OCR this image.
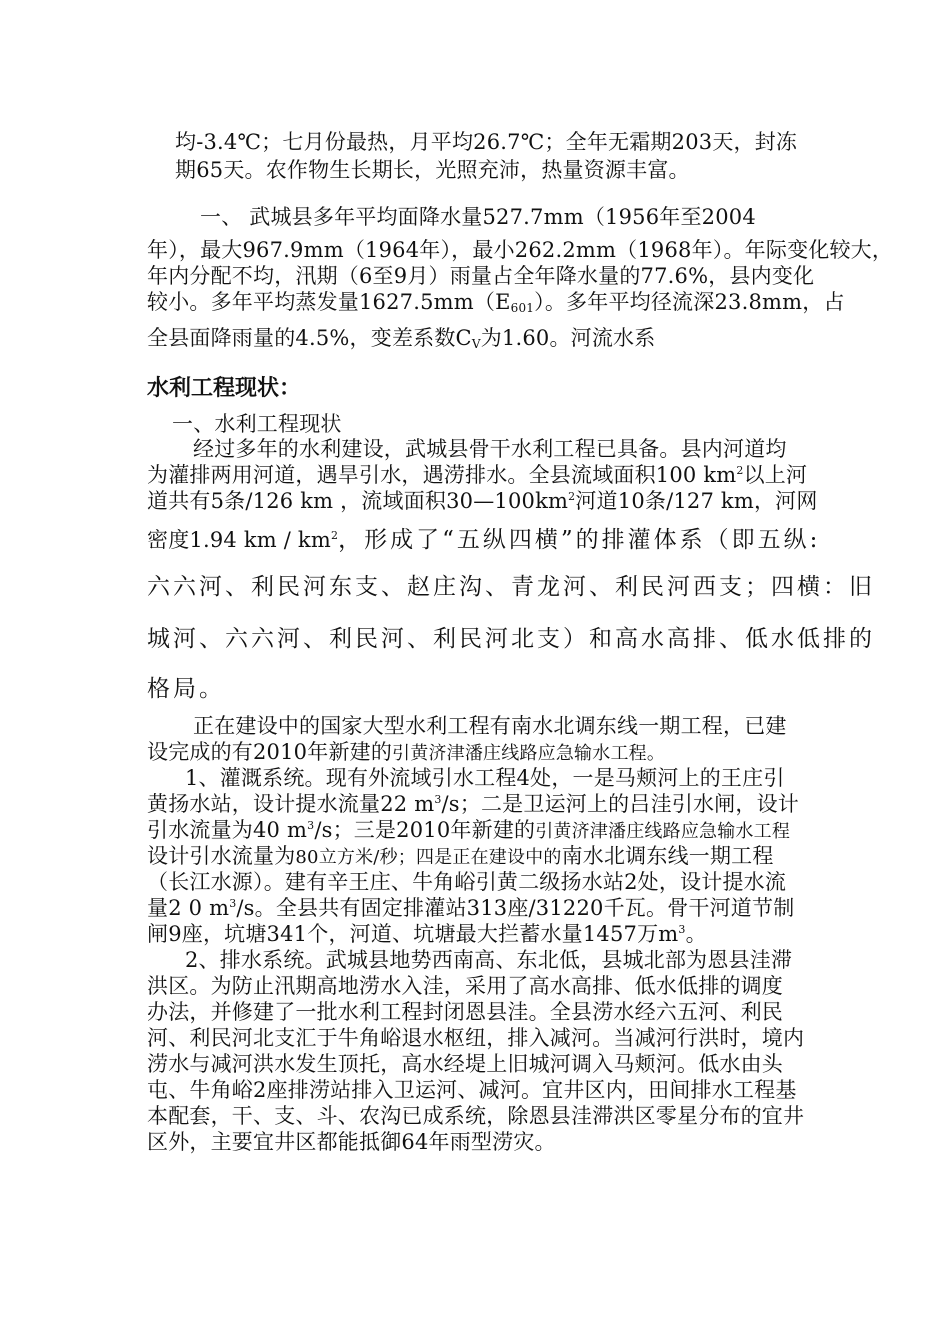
均-3.4℃；七月份最热，月平均26.7℃；全年无霜期203天，封冻
期65天。农作物生长期长，光照充沛，热量资源丰富。
一、 武城县多年平均面降水量527.7mm（1956年至2004
年），最大967.9mm（1964年），最小262.2mm（1968年）。年际变化较大，
年内分配不均，汛期（6至9月）雨量占全年降水量的77.6%，县内变化
较小。多年平均蒸发量$1627.5mm(E_{601})$。多年平均径流深23.8mm，占
全县面降雨量的4.5%，变差系数$C_V$为1.60。河流水系
水利工程现状：
一、水利工程现状
经过多年的水利建设，武城县骨干水利工程已具备。县内河道均
为灌排两用河道，遇旱引水，遇涝排水。全县流域面积100 $km^2$以上河
道共有5条/126 km ，流域面积$30—100km^2$河道10条/127 km，河网
密度1.94 km / $km^2$，形成了“五纵四横”的排灌体系（即五纵:
六六河、利民河东支、赵庄沟、青龙河、利民河西支；四横：旧
城河、六六河、利民河、利民河北支）和高水高排、低水低排的
格局。
正在建设中的国家大型水利工程有南水北调东线一期工程，已建
设完成的有2010年新建的引黄济津潘庄线路应急输水工程。
1、灌溉系统。现有外流域引水工程4处，一是马颊河上的王庄引
黄扬水站，设计提水流量22 $m^3/s$；二是卫运河上的吕洼引水闸，设计
引水流量为40 $m^3/s$；三是2010年新建的引黄济津潘庄线路应急输水工程
设计引水流量为80立方米/秒；四是正在建设中的南水北调东线一期工程
（长江水源）。建有辛王庄、牛角峪引黄二级扬水站2处，设计提水流
量2 0 $m^3/s$。全县共有固定排灌站313座/31220千瓦。骨干河道节制
闸9座，坑塘341个，河道、坑塘最大拦蓄水量1457万$m^3$。
2、排水系统。武城县地势西南高、东北低，县城北部为恩县洼滞
洪区。为防止汛期高地涝水入洼，采用了高水高排、低水低排的调度
办法，并修建了一批水利工程封闭恩县洼。全县涝水经六五河、利民
河、利民河北支汇于牛角峪退水枢纽，排入减河。当减河行洪时，境内
涝水与减河洪水发生顶托，高水经堤上旧城河调入马颊河。低水由头
屯、牛角峪2座排涝站排入卫运河、减河。宜井区内，田间排水工程基
本配套，干、支、斗、农沟已成系统，除恩县洼滞洪区零星分布的宜井
区外，主要宜井区都能抵御64年雨型涝灾。
